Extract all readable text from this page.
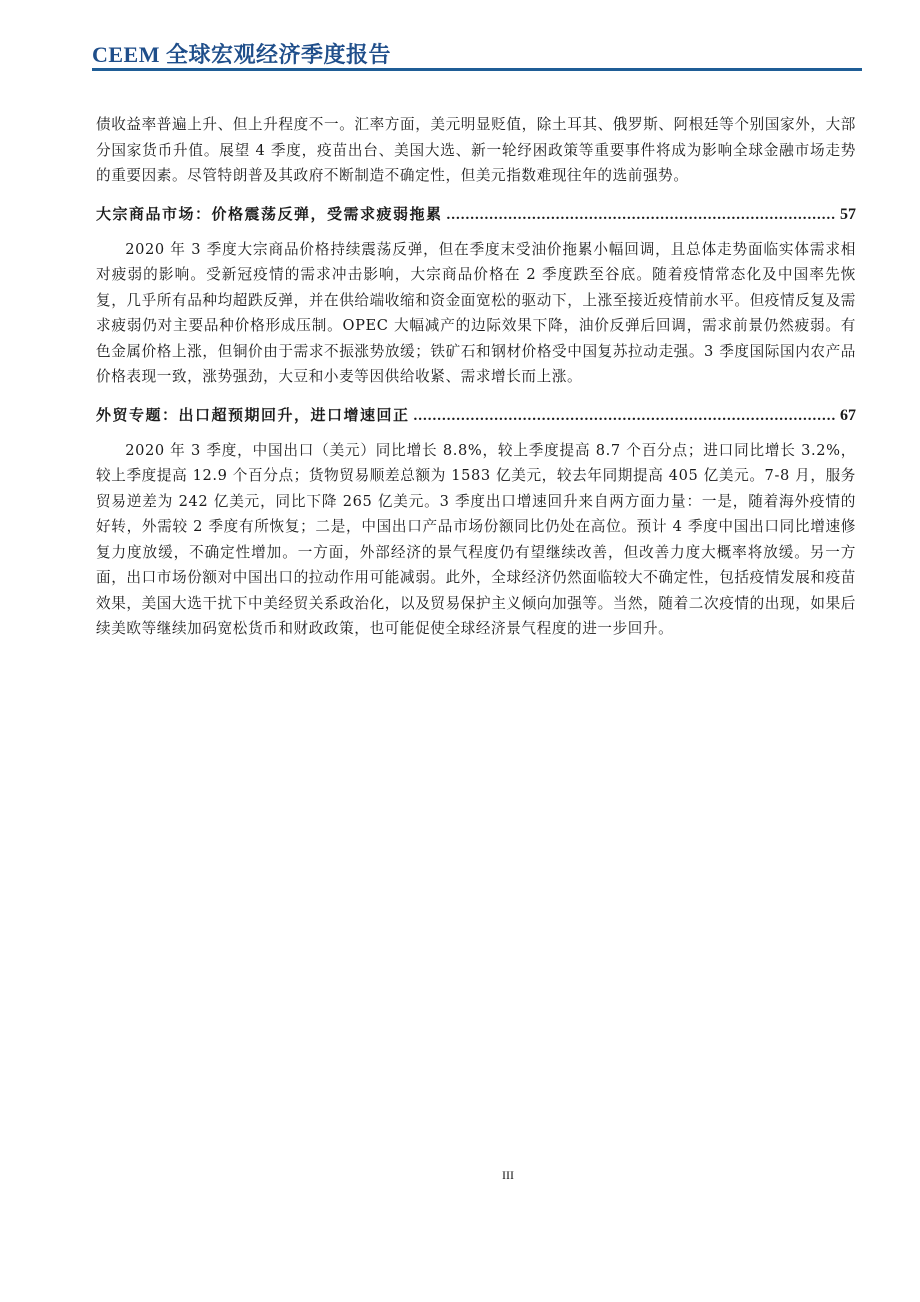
CEEM 全球宏观经济季度报告

债收益率普遍上升、但上升程度不一。汇率方面，美元明显贬值，除土耳其、俄罗斯、阿根廷等个别国家外，大部分国家货币升值。展望 4 季度，疫苗出台、美国大选、新一轮纾困政策等重要事件将成为影响全球金融市场走势的重要因素。尽管特朗普及其政府不断制造不确定性，但美元指数难现往年的选前强势。

大宗商品市场：价格震荡反弹，受需求疲弱拖累 .....	57

2020 年 3 季度大宗商品价格持续震荡反弹，但在季度末受油价拖累小幅回调，且总体走势面临实体需求相对疲弱的影响。受新冠疫情的需求冲击影响，大宗商品价格在 2 季度跌至谷底。随着疫情常态化及中国率先恢复，几乎所有品种均超跌反弹，并在供给端收缩和资金面宽松的驱动下，上涨至接近疫情前水平。但疫情反复及需求疲弱仍对主要品种价格形成压制。OPEC 大幅减产的边际效果下降，油价反弹后回调，需求前景仍然疲弱。有色金属价格上涨，但铜价由于需求不振涨势放缓；铁矿石和钢材价格受中国复苏拉动走强。3 季度国际国内农产品价格表现一致，涨势强劲，大豆和小麦等因供给收紧、需求增长而上涨。

外贸专题：出口超预期回升，进口增速回正 .....	67

2020 年 3 季度，中国出口（美元）同比增长 8.8%，较上季度提高 8.7 个百分点；进口同比增长 3.2%，较上季度提高 12.9 个百分点；货物贸易顺差总额为 1583 亿美元，较去年同期提高 405 亿美元。7-8 月，服务贸易逆差为 242 亿美元，同比下降 265 亿美元。3 季度出口增速回升来自两方面力量：一是，随着海外疫情的好转，外需较 2 季度有所恢复；二是，中国出口产品市场份额同比仍处在高位。预计 4 季度中国出口同比增速修复力度放缓，不确定性增加。一方面，外部经济的景气程度仍有望继续改善，但改善力度大概率将放缓。另一方面，出口市场份额对中国出口的拉动作用可能减弱。此外，全球经济仍然面临较大不确定性，包括疫情发展和疫苗效果，美国大选干扰下中美经贸关系政治化，以及贸易保护主义倾向加强等。当然，随着二次疫情的出现，如果后续美欧等继续加码宽松货币和财政政策，也可能促使全球经济景气程度的进一步回升。

III
